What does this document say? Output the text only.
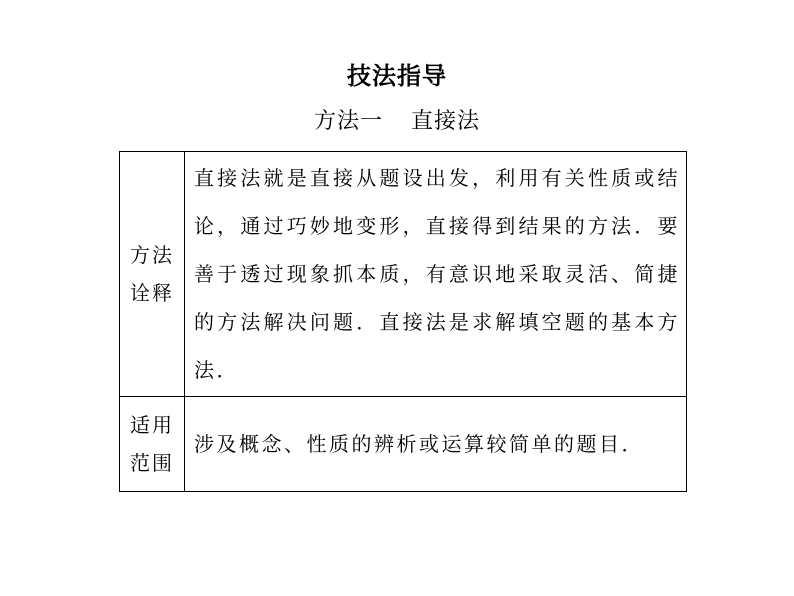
技法指导
方法一 直接法
方法
诠释	直接法就是直接从题设出发，利用有关性质或结论，通过巧妙地变形，直接得到结果的方法．要善于透过现象抓本质，有意识地采取灵活、简捷的方法解决问题．直接法是求解填空题的基本方法．

适用
范围	涉及概念、性质的辨析或运算较简单的题目．
